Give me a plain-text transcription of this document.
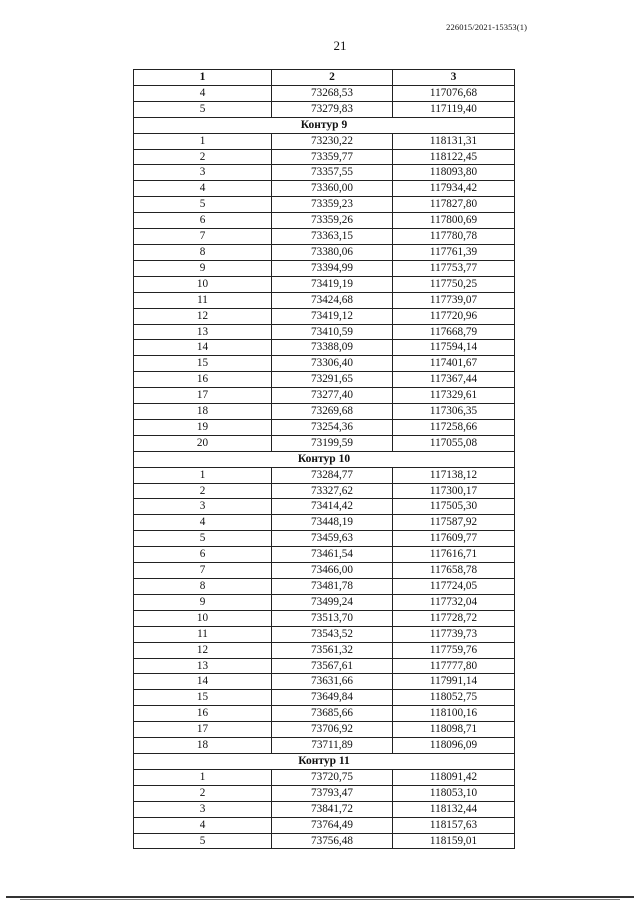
226015/2021-15353(1)
21
1	2	3
4	73268,53	117076,68
5	73279,83	117119,40
Контур 9		
1	73230,22	118131,31
2	73359,77	118122,45
3	73357,55	118093,80
4	73360,00	117934,42
5	73359,23	117827,80
6	73359,26	117800,69
7	73363,15	117780,78
8	73380,06	117761,39
9	73394,99	117753,77
10	73419,19	117750,25
11	73424,68	117739,07
12	73419,12	117720,96
13	73410,59	117668,79
14	73388,09	117594,14
15	73306,40	117401,67
16	73291,65	117367,44
17	73277,40	117329,61
18	73269,68	117306,35
19	73254,36	117258,66
20	73199,59	117055,08
Контур 10		
1	73284,77	117138,12
2	73327,62	117300,17
3	73414,42	117505,30
4	73448,19	117587,92
5	73459,63	117609,77
6	73461,54	117616,71
7	73466,00	117658,78
8	73481,78	117724,05
9	73499,24	117732,04
10	73513,70	117728,72
11	73543,52	117739,73
12	73561,32	117759,76
13	73567,61	117777,80
14	73631,66	117991,14
15	73649,84	118052,75
16	73685,66	118100,16
17	73706,92	118098,71
18	73711,89	118096,09
Контур 11		
1	73720,75	118091,42
2	73793,47	118053,10
3	73841,72	118132,44
4	73764,49	118157,63
5	73756,48	118159,01
